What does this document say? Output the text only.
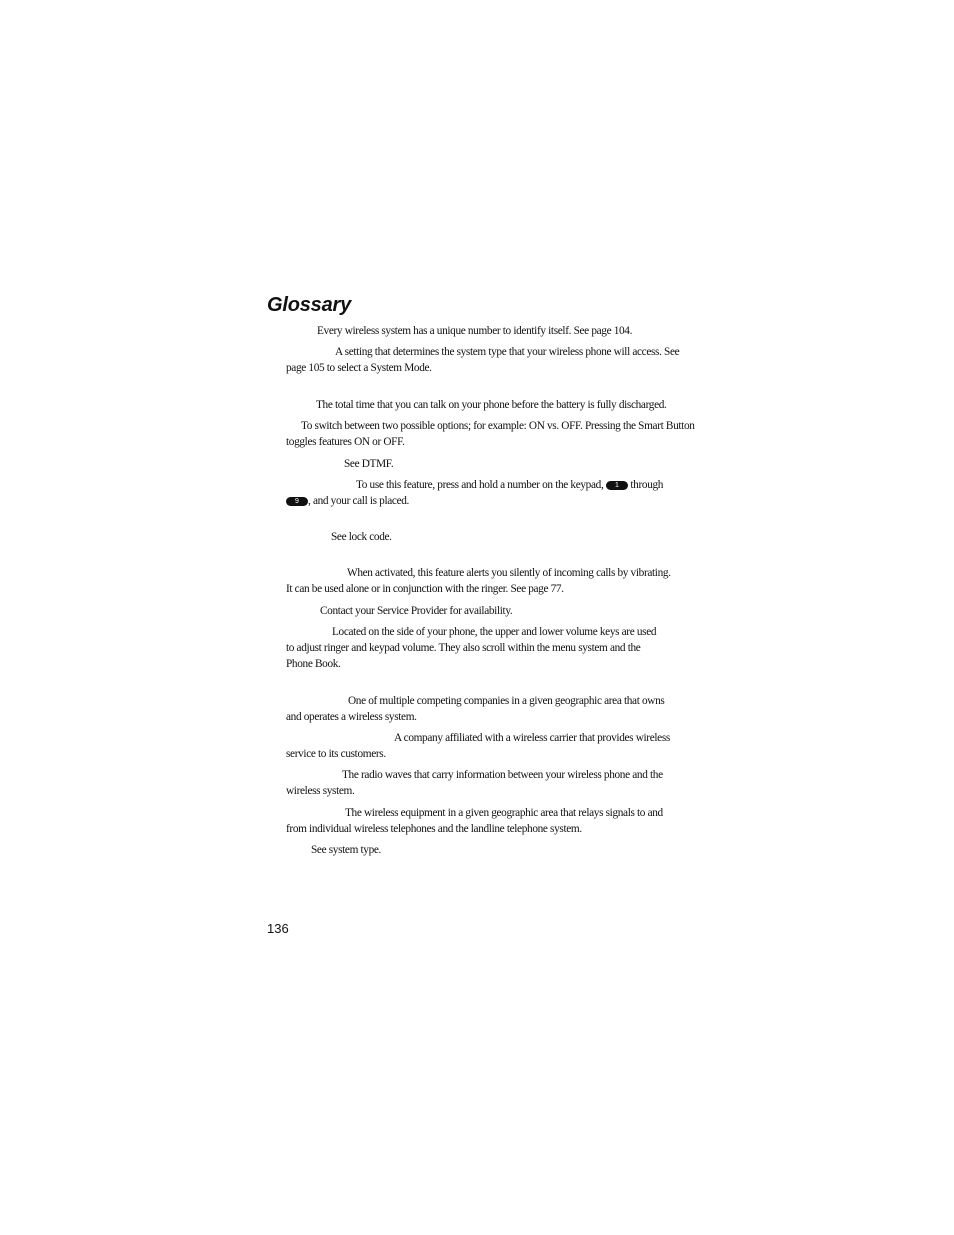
Glossary
Every wireless system has a unique number to identify itself. See page 104.
A setting that determines the system type that your wireless phone will access. See
page 105 to select a System Mode.
The total time that you can talk on your phone before the battery is fully discharged.
To switch between two possible options; for example: ON vs. OFF. Pressing the Smart Button
toggles features ON or OFF.
See DTMF.
To use this feature, press and hold a number on the keypad, 1 through
9 , and your call is placed.
See lock code.
When activated, this feature alerts you silently of incoming calls by vibrating.
It can be used alone or in conjunction with the ringer. See page 77.
Contact your Service Provider for availability.
Located on the side of your phone, the upper and lower volume keys are used
to adjust ringer and keypad volume. They also scroll within the menu system and the
Phone Book.
One of multiple competing companies in a given geographic area that owns
and operates a wireless system.
A company affiliated with a wireless carrier that provides wireless
service to its customers.
The radio waves that carry information between your wireless phone and the
wireless system.
The wireless equipment in a given geographic area that relays signals to and
from individual wireless telephones and the landline telephone system.
See system type.
136
